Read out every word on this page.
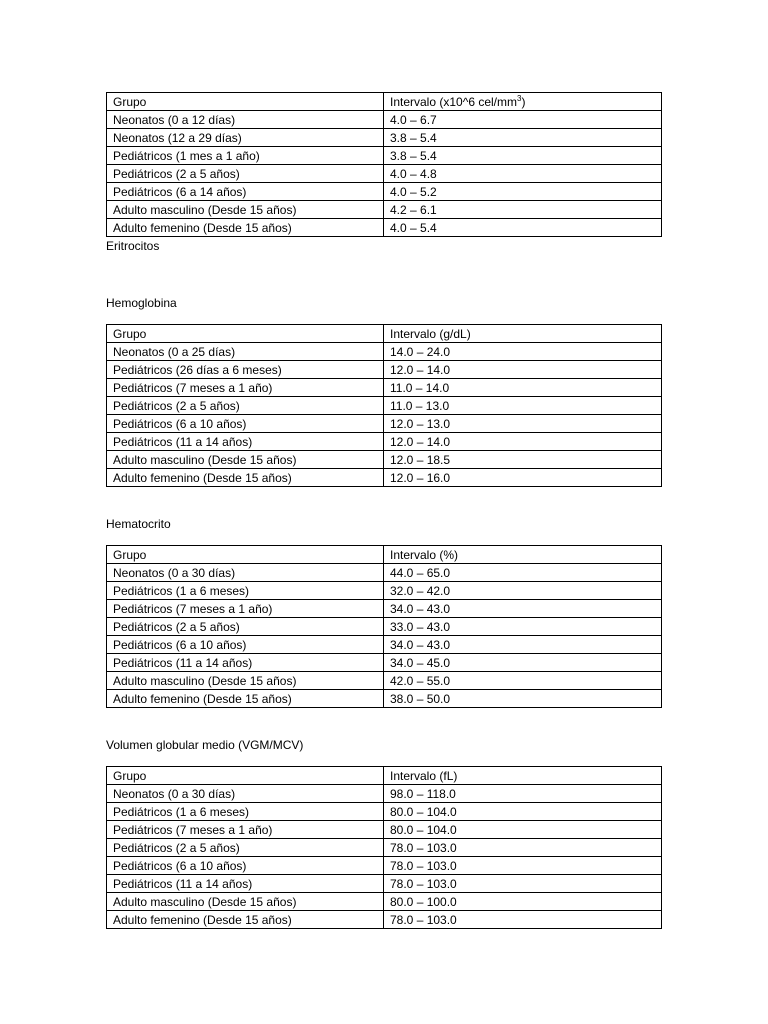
Grupo	Intervalo (x10^6 cel/$mm^3$)
Neonatos (0 a 12 días)	4.0 – 6.7
Neonatos (12 a 29 días)	3.8 – 5.4
Pediátricos (1 mes a 1 año)	3.8 – 5.4
Pediátricos (2 a 5 años)	4.0 – 4.8
Pediátricos (6 a 14 años)	4.0 – 5.2
Adulto masculino (Desde 15 años)	4.2 – 6.1
Adulto femenino (Desde 15 años)	4.0 – 5.4
Eritrocitos
Hemoglobina
Grupo	Intervalo (g/dL)
Neonatos (0 a 25 días)	14.0 – 24.0
Pediátricos (26 días a 6 meses)	12.0 – 14.0
Pediátricos (7 meses a 1 año)	11.0 – 14.0
Pediátricos (2 a 5 años)	11.0 – 13.0
Pediátricos (6 a 10 años)	12.0 – 13.0
Pediátricos (11 a 14 años)	12.0 – 14.0
Adulto masculino (Desde 15 años)	12.0 – 18.5
Adulto femenino (Desde 15 años)	12.0 – 16.0
Hematocrito
Grupo	Intervalo (%)
Neonatos (0 a 30 días)	44.0 – 65.0
Pediátricos (1 a 6 meses)	32.0 – 42.0
Pediátricos (7 meses a 1 año)	34.0 – 43.0
Pediátricos (2 a 5 años)	33.0 – 43.0
Pediátricos (6 a 10 años)	34.0 – 43.0
Pediátricos (11 a 14 años)	34.0 – 45.0
Adulto masculino (Desde 15 años)	42.0 – 55.0
Adulto femenino (Desde 15 años)	38.0 – 50.0
Volumen globular medio (VGM/MCV)
Grupo	Intervalo (fL)
Neonatos (0 a 30 días)	98.0 – 118.0
Pediátricos (1 a 6 meses)	80.0 – 104.0
Pediátricos (7 meses a 1 año)	80.0 – 104.0
Pediátricos (2 a 5 años)	78.0 – 103.0
Pediátricos (6 a 10 años)	78.0 – 103.0
Pediátricos (11 a 14 años)	78.0 – 103.0
Adulto masculino (Desde 15 años)	80.0 – 100.0
Adulto femenino (Desde 15 años)	78.0 – 103.0
